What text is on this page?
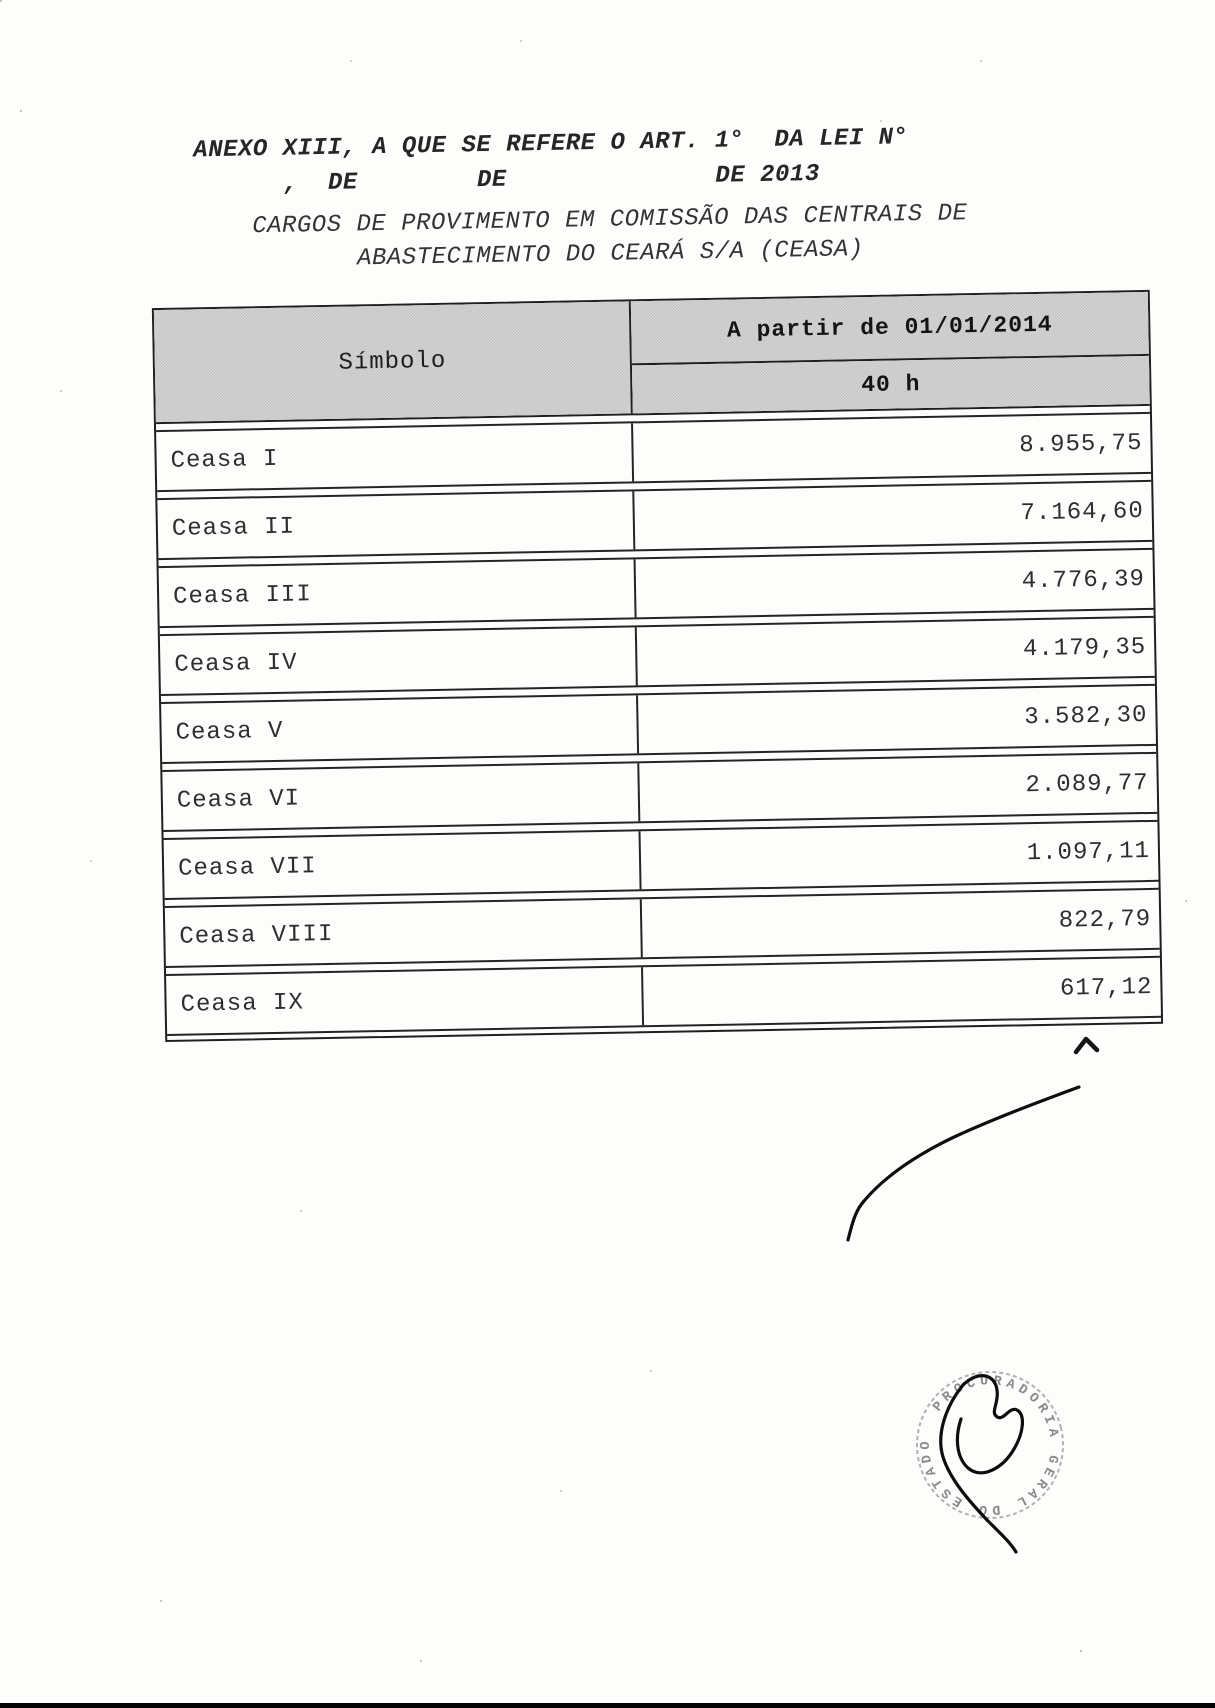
ANEXO XIII, A QUE SE REFERE O ART. 1°  DA LEI N°
,  DE        DE              DE 2013
CARGOS DE PROVIMENTO EM COMISSÃO DAS CENTRAIS DE
ABASTECIMENTO DO CEARÁ S/A (CEASA)
Símbolo
A partir de 01/01/2014
40 h
Ceasa I
8.955,75
Ceasa II
7.164,60
Ceasa III
4.776,39
Ceasa IV
4.179,35
Ceasa V
3.582,30
Ceasa VI
2.089,77
Ceasa VII
1.097,11
Ceasa VIII
822,79
Ceasa IX
617,12
PROCURADORIA GERAL DO ESTADO
